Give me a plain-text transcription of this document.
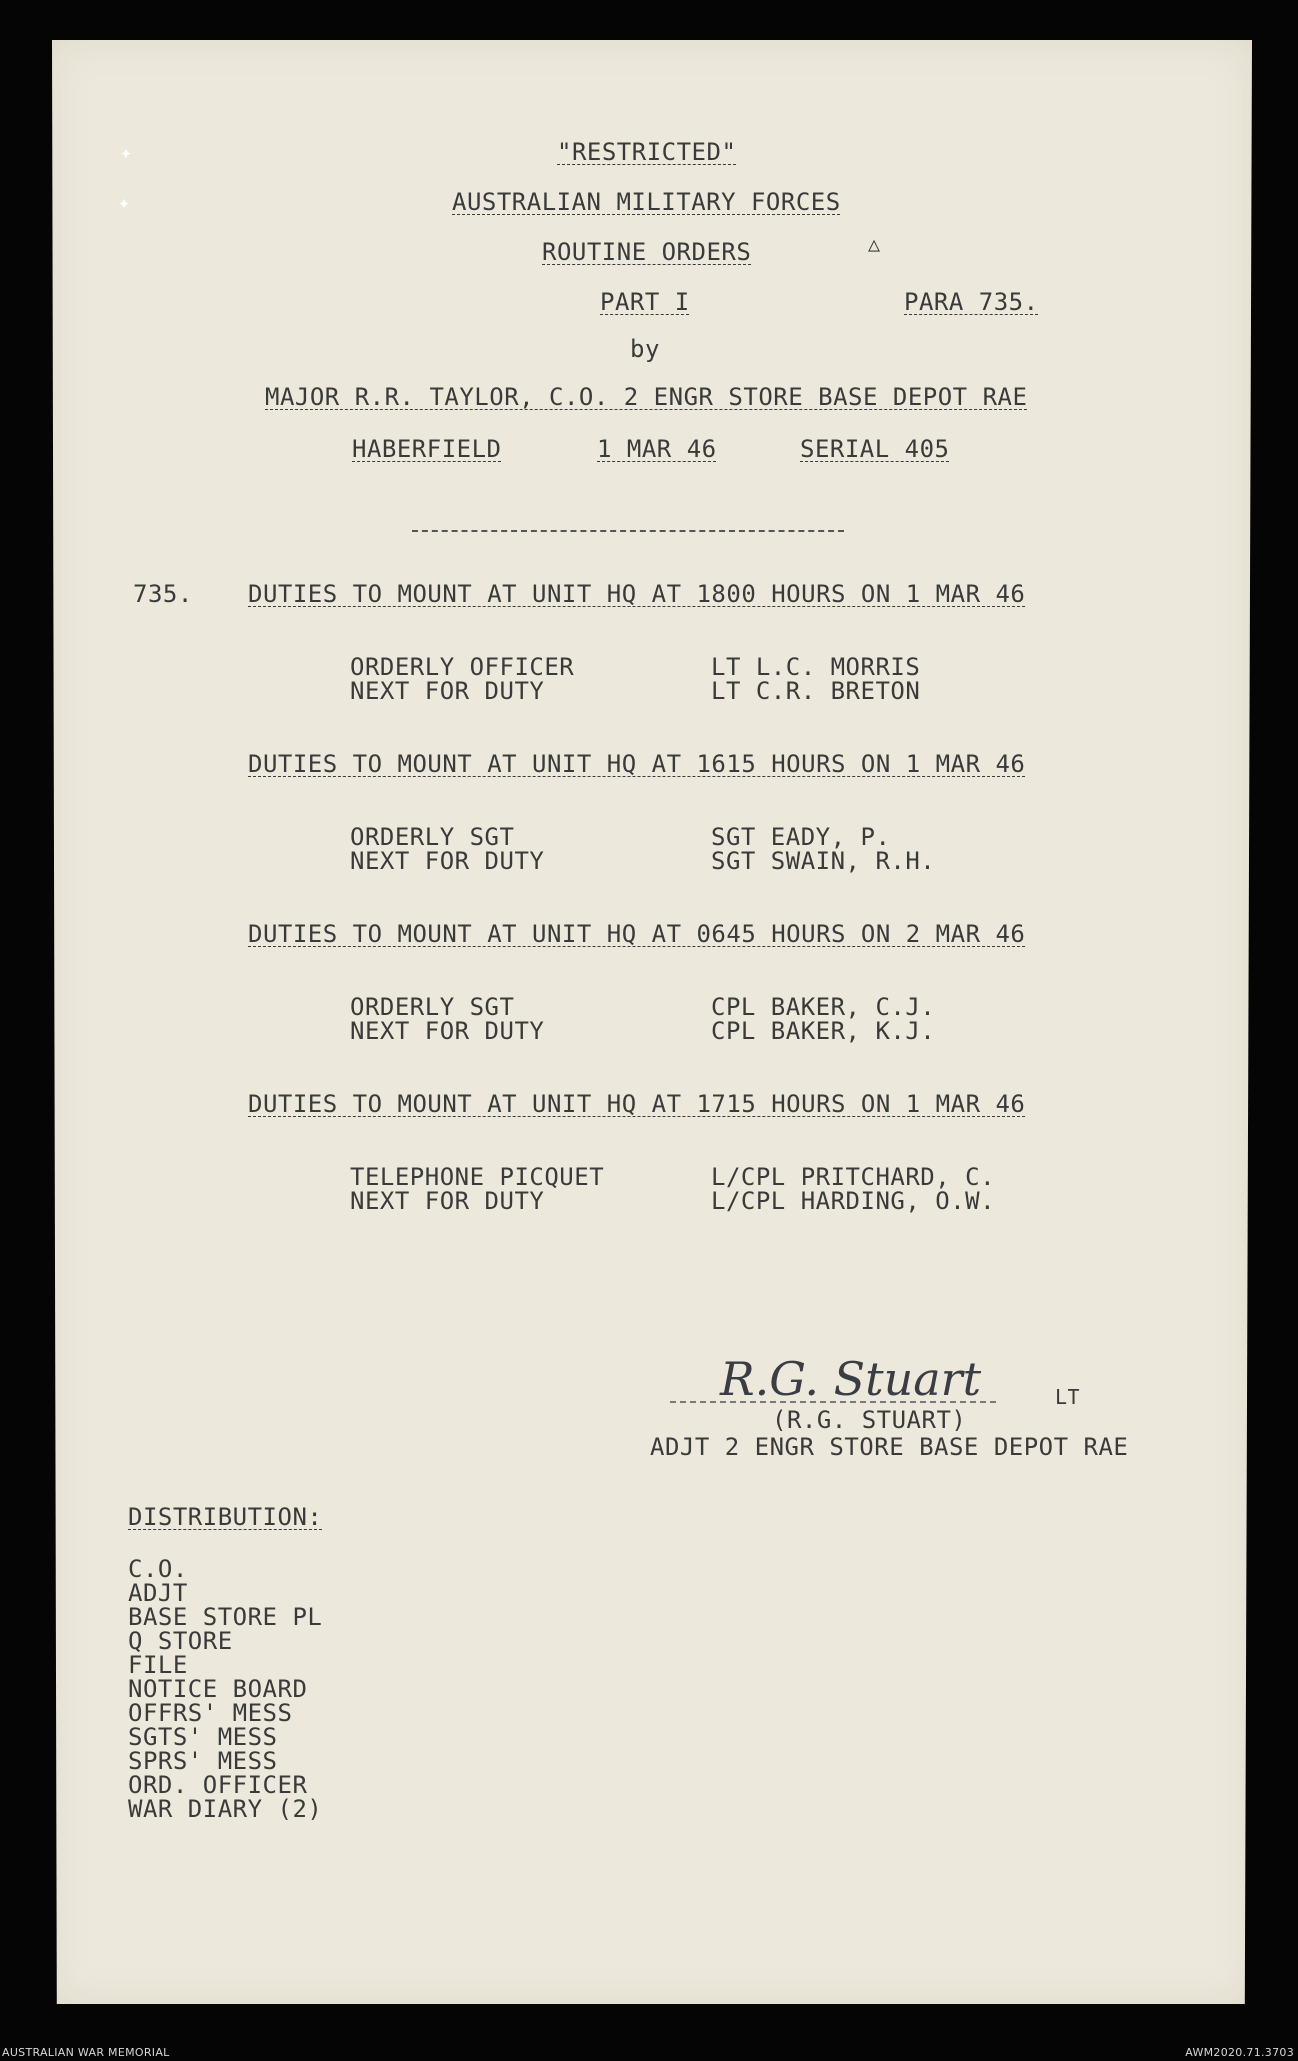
✦
✦
"RESTRICTED"
AUSTRALIAN MILITARY FORCES
ROUTINE ORDERS	△
PART I	PARA 735.
by
MAJOR R.R. TAYLOR, C.O. 2 ENGR STORE BASE DEPOT RAE
HABERFIELD	1 MAR 46	SERIAL 405
735. DUTIES TO MOUNT AT UNIT HQ AT 1800 HOURS ON 1 MAR 46
ORDERLY OFFICER	LT L.C. MORRIS
NEXT FOR DUTY	LT C.R. BRETON
DUTIES TO MOUNT AT UNIT HQ AT 1615 HOURS ON 1 MAR 46
ORDERLY SGT	SGT EADY, P.
NEXT FOR DUTY	SGT SWAIN, R.H.
DUTIES TO MOUNT AT UNIT HQ AT 0645 HOURS ON 2 MAR 46
ORDERLY SGT	CPL BAKER, C.J.
NEXT FOR DUTY	CPL BAKER, K.J.
DUTIES TO MOUNT AT UNIT HQ AT 1715 HOURS ON 1 MAR 46
TELEPHONE PICQUET	L/CPL PRITCHARD, C.
NEXT FOR DUTY	L/CPL HARDING, O.W.
R.G. Stuart	LT
(R.G. STUART)
ADJT 2 ENGR STORE BASE DEPOT RAE
DISTRIBUTION:
C.O.
ADJT
BASE STORE PL
Q STORE
FILE
NOTICE BOARD
OFFRS' MESS
SGTS' MESS
SPRS' MESS
ORD. OFFICER
WAR DIARY (2)
AUSTRALIAN WAR MEMORIAL	AWM2020.71.3703
